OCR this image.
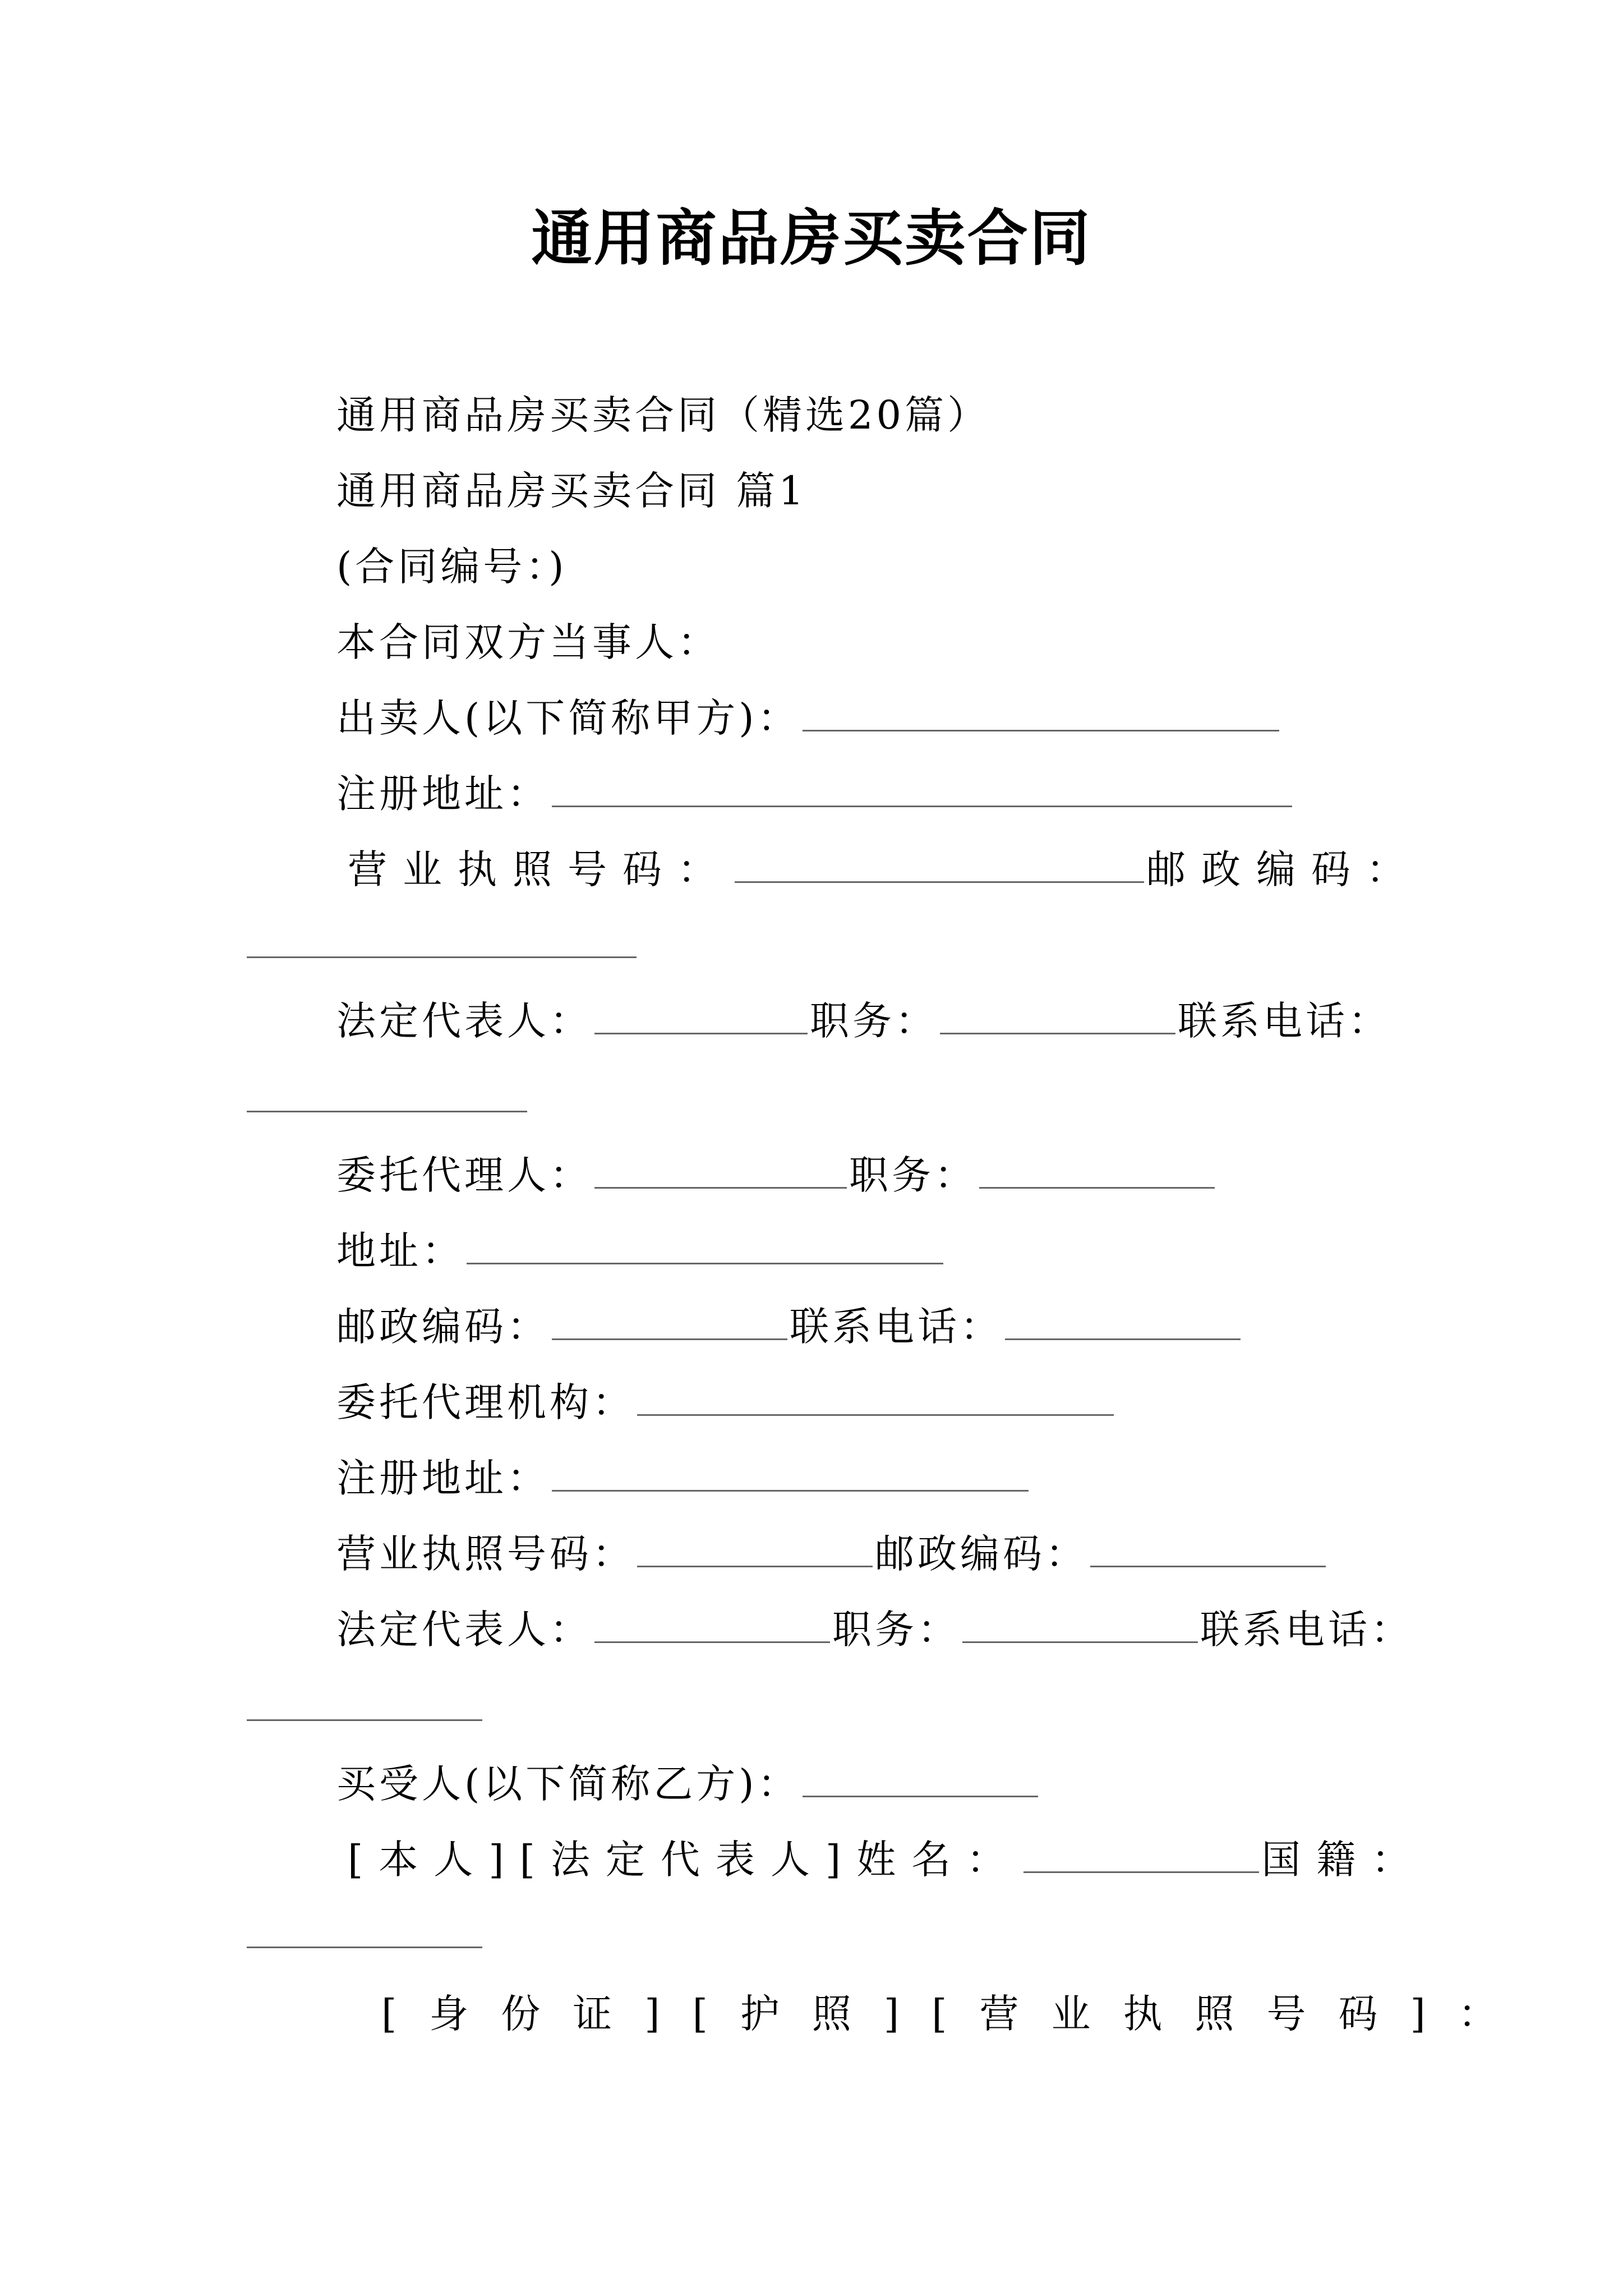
通用商品房买卖合同
通用商品房买卖合同（精选20篇）
通用商品房买卖合同 篇1
(合同编号：)
本合同双方当事人：
出卖人(以下简称甲方)：
注册地址：
营业执照号码：	邮政编码：
法定代表人：	职务：	联系电话：
委托代理人：	职务：
地址：
邮政编码：	联系电话：
委托代理机构：
注册地址：
营业执照号码：	邮政编码：
法定代表人：	职务：	联系电话：
买受人(以下简称乙方)：
[本人][法定代表人]姓名：	国籍：
[身份证][护照][营业执照号码]：
